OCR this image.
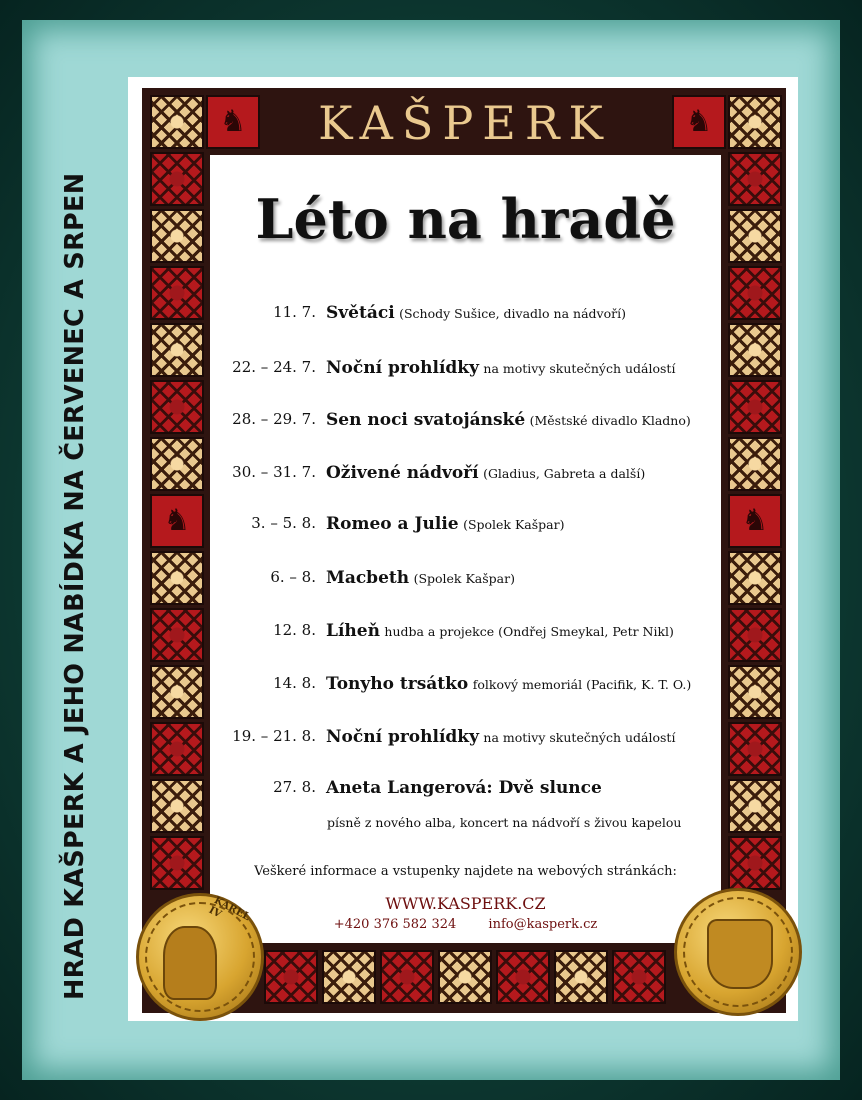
HRAD KAŠPERK A JEHO NABÍDKA NA ČERVENEC A SRPEN	♞	♞
♞	♞
KAŠPERK
Léto na hradě
11. 7. Světáci (Schody Sušice, divadlo na nádvoří)
22. – 24. 7. Noční prohlídky na motivy skutečných událostí
28. – 29. 7. Sen noci svatojánské (Městské divadlo Kladno)
30. – 31. 7. Oživené nádvoří (Gladius, Gabreta a další)
3. – 5. 8. Romeo a Julie (Spolek Kašpar)
6. – 8. Macbeth (Spolek Kašpar)
12. 8. Líheň hudba a projekce (Ondřej Smeykal, Petr Nikl)
14. 8. Tonyho trsátko folkový memoriál (Pacifik, K. T. O.)
19. – 21. 8. Noční prohlídky na motivy skutečných událostí
27. 8. Aneta Langerová: Dvě slunce
písně z nového alba, koncert na nádvoří s živou kapelou
Veškeré informace a vstupenky najdete na webových stránkách:
WWW.KASPERK.CZ
+420 376 582 324 info@kasperk.cz
KAREL IV
